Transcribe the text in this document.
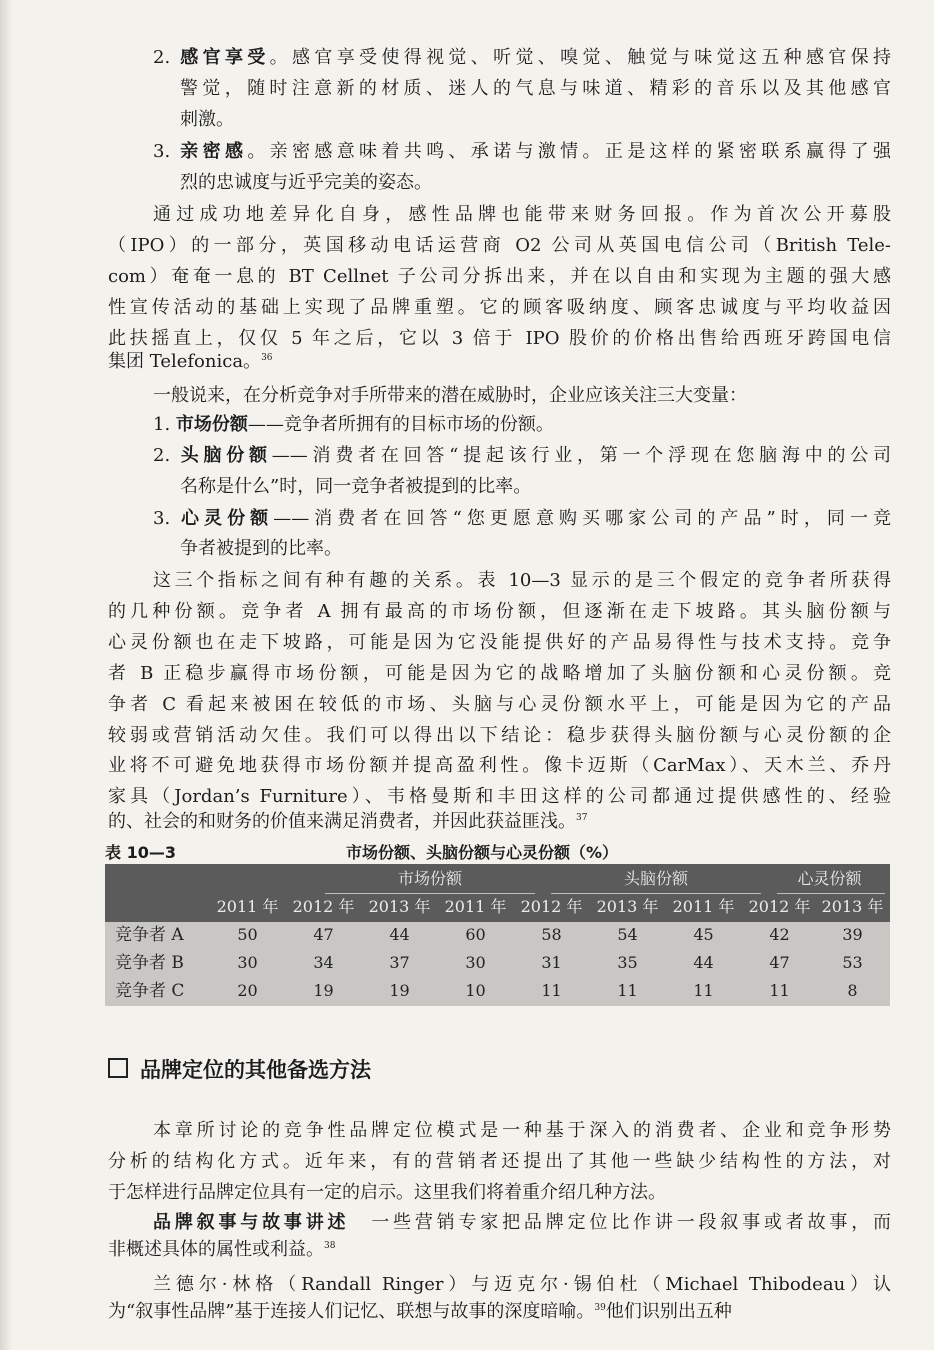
2. 感官享受。感官享受使得视觉、听觉、嗅觉、触觉与味觉这五种感官保持
警觉，随时注意新的材质、迷人的气息与味道、精彩的音乐以及其他感官
刺激。
3. 亲密感。亲密感意味着共鸣、承诺与激情。正是这样的紧密联系赢得了强
烈的忠诚度与近乎完美的姿态。
通过成功地差异化自身，感性品牌也能带来财务回报。作为首次公开募股
（IPO）的一部分，英国移动电话运营商 O2 公司从英国电信公司（British Tele-
com）奄奄一息的 BT Cellnet 子公司分拆出来，并在以自由和实现为主题的强大感
性宣传活动的基础上实现了品牌重塑。它的顾客吸纳度、顾客忠诚度与平均收益因
此扶摇直上，仅仅 5 年之后，它以 3 倍于 IPO 股价的价格出售给西班牙跨国电信
集团 Telefonica。$^{36}$
一般说来，在分析竞争对手所带来的潜在威胁时，企业应该关注三大变量：
1. 市场份额——竞争者所拥有的目标市场的份额。
2. 头脑份额——消费者在回答“提起该行业，第一个浮现在您脑海中的公司
名称是什么”时，同一竞争者被提到的比率。
3. 心灵份额——消费者在回答“您更愿意购买哪家公司的产品”时，同一竞
争者被提到的比率。
这三个指标之间有种有趣的关系。表 10—3 显示的是三个假定的竞争者所获得
的几种份额。竞争者 A 拥有最高的市场份额，但逐渐在走下坡路。其头脑份额与
心灵份额也在走下坡路，可能是因为它没能提供好的产品易得性与技术支持。竞争
者 B 正稳步赢得市场份额，可能是因为它的战略增加了头脑份额和心灵份额。竞
争者 C 看起来被困在较低的市场、头脑与心灵份额水平上，可能是因为它的产品
较弱或营销活动欠佳。我们可以得出以下结论：稳步获得头脑份额与心灵份额的企
业将不可避免地获得市场份额并提高盈利性。像卡迈斯（CarMax）、天木兰、乔丹
家具（Jordan’s Furniture）、韦格曼斯和丰田这样的公司都通过提供感性的、经验
的、社会的和财务的价值来满足消费者，并因此获益匪浅。$^{37}$
表 10—3	市场份额、头脑份额与心灵份额（%）
市场份额	头脑份额	心灵份额
2011 年 2012 年 2013 年 2011 年 2012 年 2013 年 2011 年 2012 年 2013 年
竞争者 A	50	47	44	60	58	54	45	42	39
竞争者 B	30	34	37	30	31	35	44	47	53
竞争者 C	20	19	19	10	11	11	11	11	8
品牌定位的其他备选方法
本章所讨论的竞争性品牌定位模式是一种基于深入的消费者、企业和竞争形势
分析的结构化方式。近年来，有的营销者还提出了其他一些缺少结构性的方法，对
于怎样进行品牌定位具有一定的启示。这里我们将着重介绍几种方法。
品牌叙事与故事讲述　 一些营销专家把品牌定位比作讲一段叙事或者故事，而
非概述具体的属性或利益。$^{38}$
兰德尔·林格（Randall Ringer）与迈克尔·锡伯杜（Michael Thibodeau）认
为“叙事性品牌”基于连接人们记忆、联想与故事的深度暗喻。$^{39}$他们识别出五种
